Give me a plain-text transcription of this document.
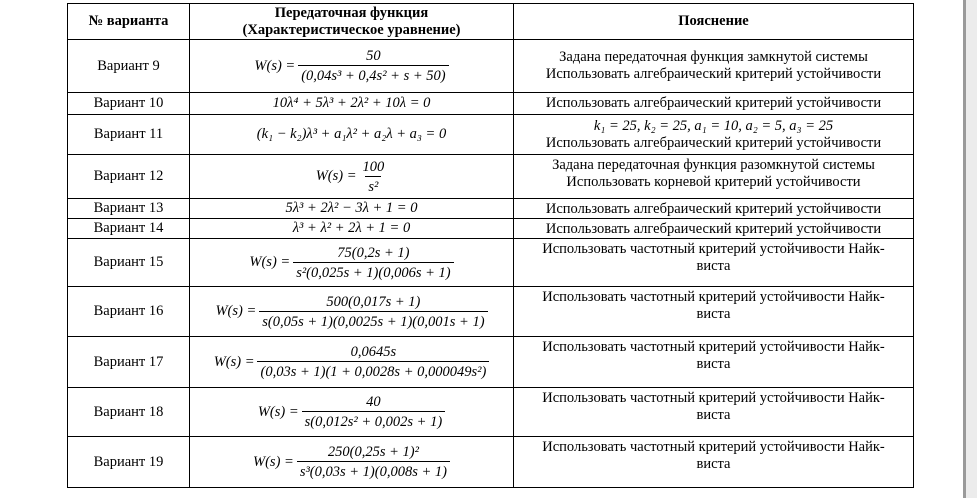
№ варианта	Передаточная функция
(Характеристическое уравнение)	Пояснение
Вариант 9	$W(s) = \frac{50}{\text{(0,04s³ + 0,4s² + s + 50)}}$	Задана передаточная функция замкнутой системы
Использовать алгебраический критерий устойчивости

Вариант 10	10λ⁴ + 5λ³ + 2λ² + 10λ = 0	Использовать алгебраический критерий устойчивости

Вариант 11	(k₁ − k₂)λ³ + a₁λ² + a₂λ + a₃ = 0	k₁ = 25, k₂ = 25, a₁ = 10, a₂ = 5, a₃ = 25
Использовать алгебраический критерий устойчивости

Вариант 12	$W(s) = \frac{100}{\text{s²}}$	Задана передаточная функция разомкнутой системы
Использовать корневой критерий устойчивости

Вариант 13	5λ³ + 2λ² − 3λ + 1 = 0	Использовать алгебраический критерий устойчивости

Вариант 14	λ³ + λ² + 2λ + 1 = 0	Использовать алгебраический критерий устойчивости

Вариант 15	$W(s) = \frac{75(0,2s + 1)}{\text{s²(0,025s + 1)(0,006s + 1)}}$	Использовать частотный критерий устойчивости Найк-
виста

Вариант 16	$W(s) = \frac{500(0,017s + 1)}{s(0,05s + 1)(0,0025s + 1)(0,001s + 1)}$	Использовать частотный критерий устойчивости Найк-
виста

Вариант 17	$W(s) = \frac{0,0645s}{\text{(0,03s + 1)(1 + 0,0028s + 0,000049s²)}}$	Использовать частотный критерий устойчивости Найк-
виста

Вариант 18	$W(s) = \frac{40}{\text{s(0,012s² + 0,002s + 1)}}$	Использовать частотный критерий устойчивости Найк-
виста

Вариант 19	$W(s) = \frac{\text{250(0,25s + 1)²}}{\text{s³(0,03s + 1)(0,008s + 1)}}$	Использовать частотный критерий устойчивости Найк-
виста
